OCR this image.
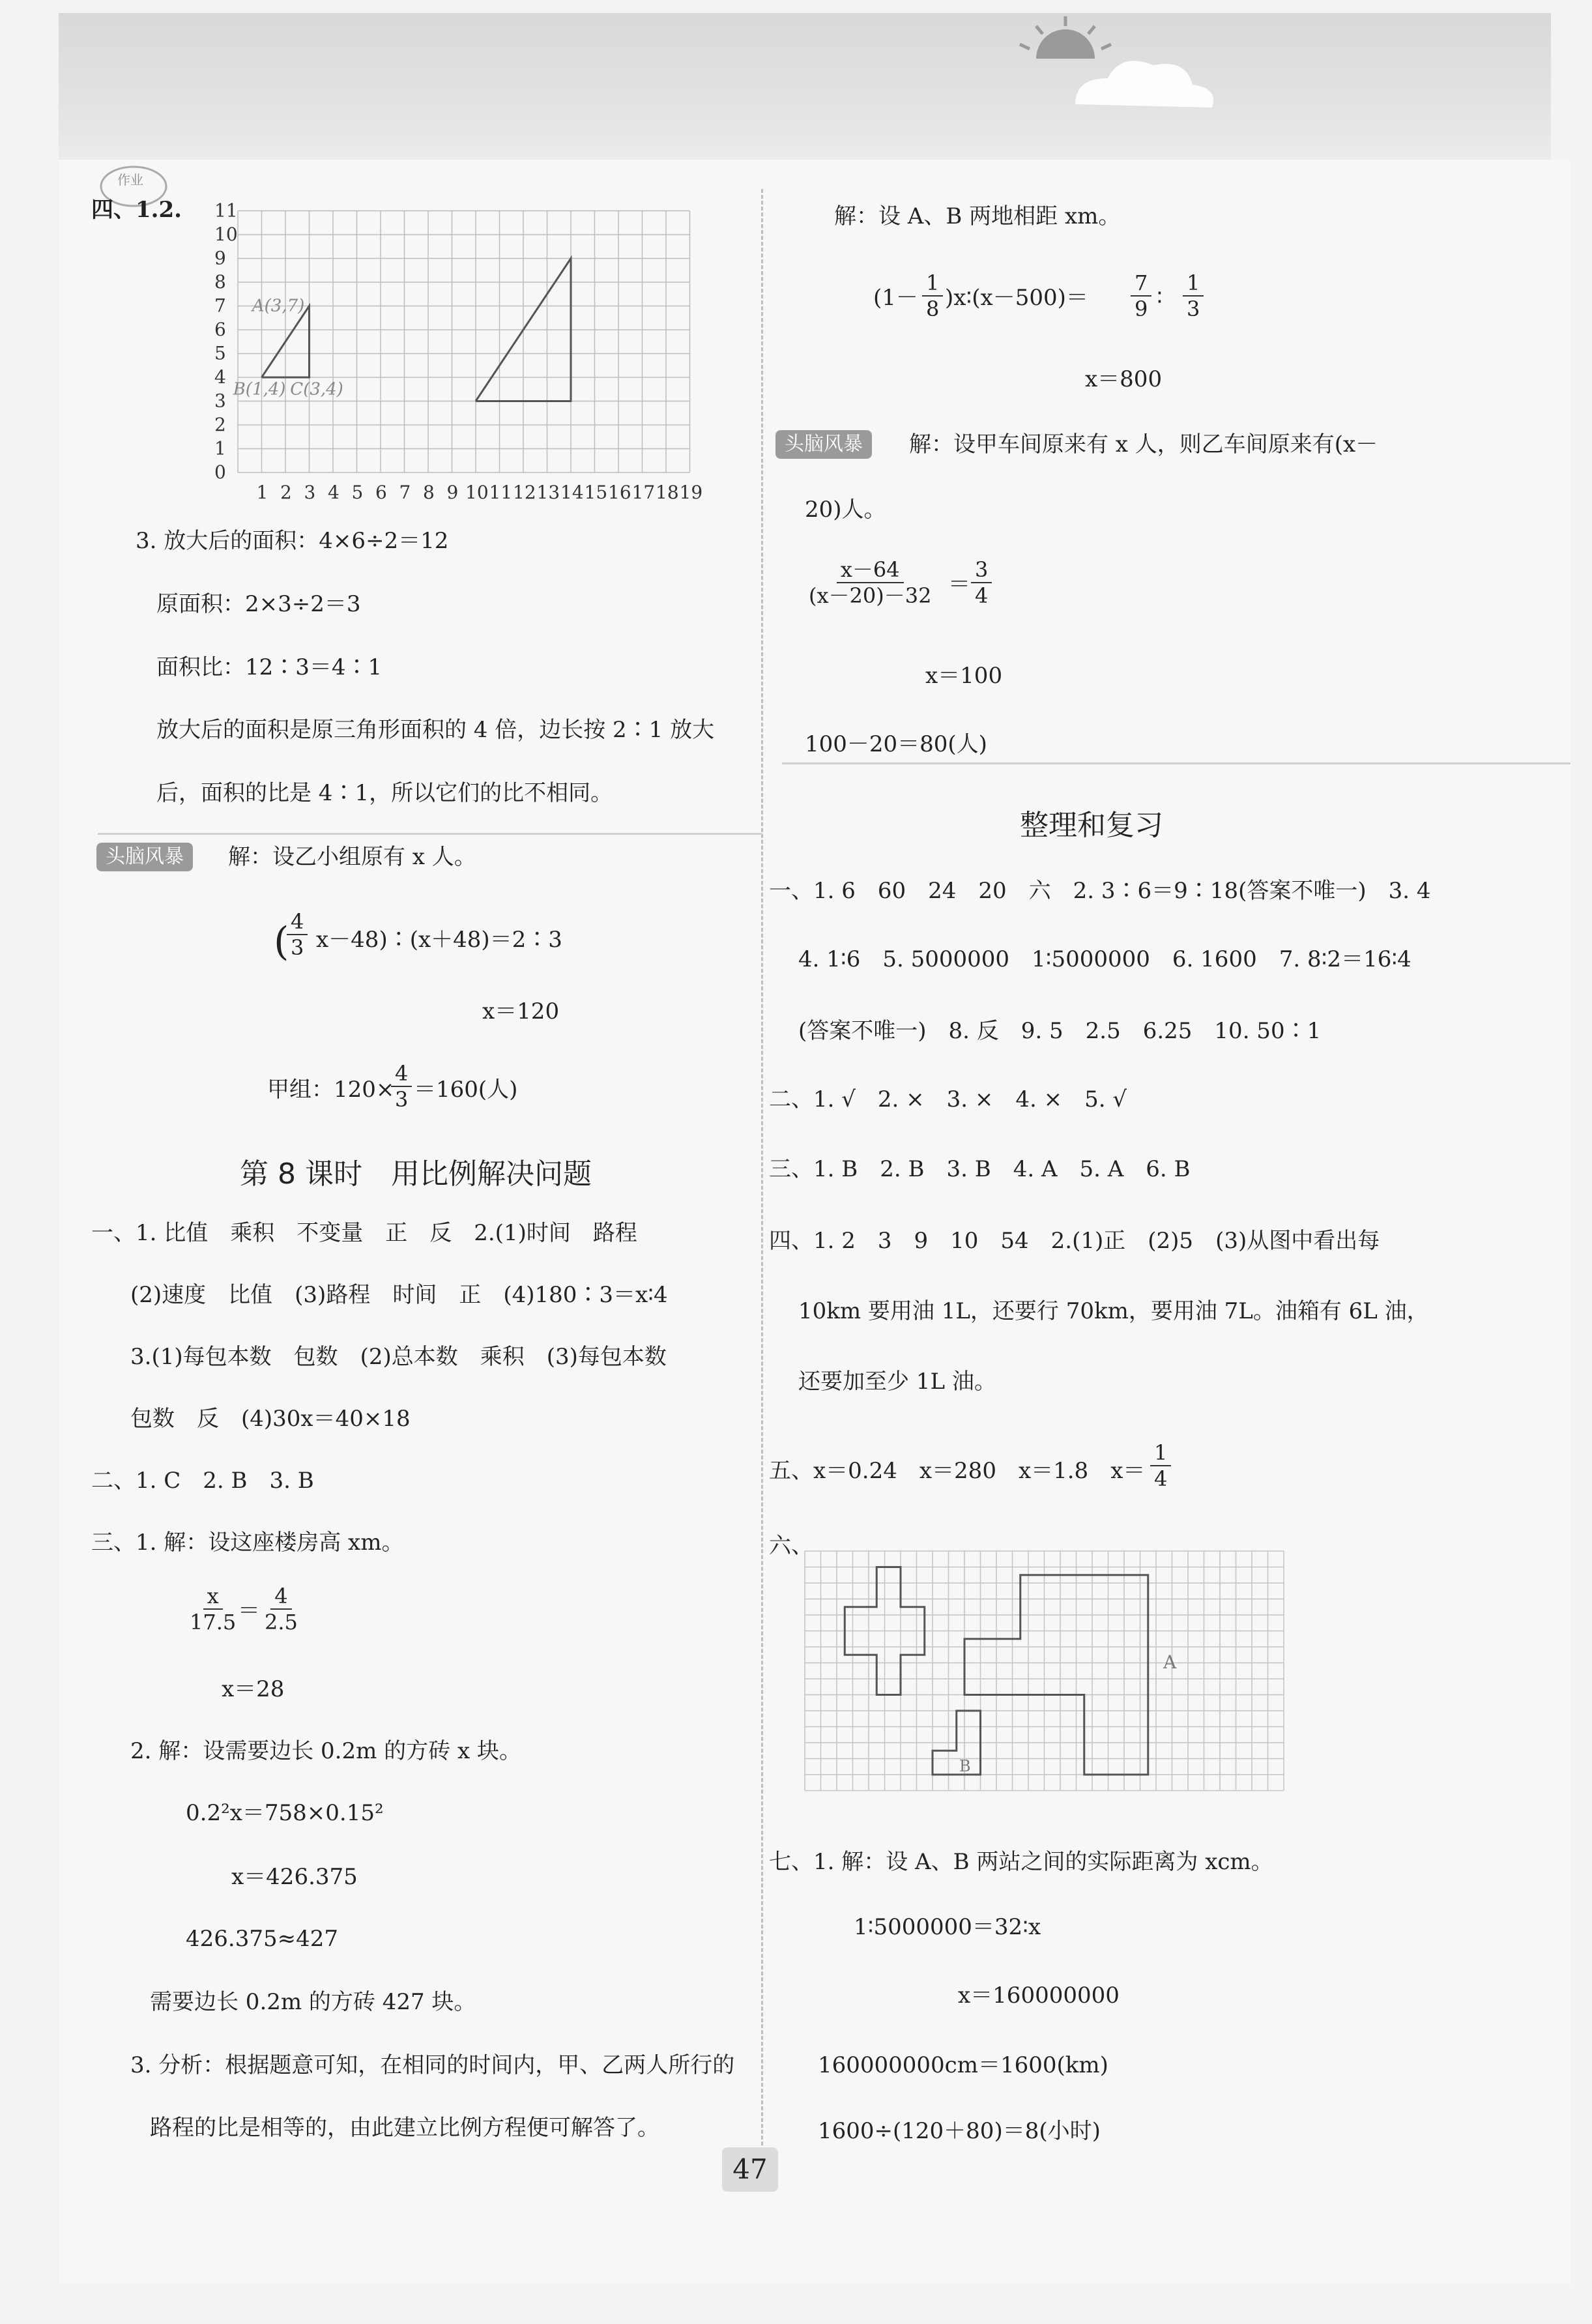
作业
四、1.2.
0
1
2
3
4
5
6
7
8
9
10
11
1 2 3 4 5 6 7 8 9 10 11 12 13 14 15 16 17 18 19
A(3,7)
B(1,4) C(3,4)
3. 放大后的面积：4×6÷2＝12
原面积：2×3÷2＝3
面积比：12∶3＝4∶1
放大后的面积是原三角形面积的 4 倍，边长按 2∶1 放大
后，面积的比是 4∶1，所以它们的比不相同。
头脑风暴	解：设乙小组原有 x 人。
(
$\frac{4}{3}$ x－48)∶(x＋48)＝2∶3
x＝120
甲组：120×
$\frac{4}{3} =160$(人)
第 8 课时　用比例解决问题
一、1. 比值　乘积　不变量　正　反　2.(1)时间　路程
(2)速度　比值　(3)路程　时间　正　(4)180∶3＝x∶4
3.(1)每包本数　包数　(2)总本数　乘积　(3)每包本数
包数　反　(4)30x＝40×18
二、1. C　2. B　3. B
三、1. 解：设这座楼房高 xm。
$\frac{x}{17.5}$
＝ $\frac{4}{2.5}$
x＝28
2. 解：设需要边长 0.2m 的方砖 x 块。
0.2²x＝758×0.15²
x＝426.375
426.375≈427
需要边长 0.2m 的方砖 427 块。
3. 分析：根据题意可知，在相同的时间内，甲、乙两人所行的
路程的比是相等的，由此建立比例方程便可解答了。
解：设 A、B 两地相距 xm。
($1- \frac{1}{8}$ )x∶(x－500)＝ $\frac{7}{9}$ ∶ $\frac{1}{3}$
x＝800
头脑风暴	解：设甲车间原来有 x 人，则乙车间原来有(x－
20)人。
$\frac{x-64}{(x-20)-32} = \frac{3}{4}$
x＝100
100－20＝80(人)
整理和复习
一、1. 6　60　24　20　六　2. 3∶6＝9∶18(答案不唯一)　3. 4
4. 1∶6　5. 5000000　1∶5000000　6. 1600　7. 8∶2＝16∶4
(答案不唯一)　8. 反　9. 5　2.5　6.25　10. 50∶1
二、1. √　2. ×　3. ×　4. ×　5. √
三、1. B　2. B　3. B　4. A　5. A　6. B
四、1. 2　3　9　10　54　2.(1)正　(2)5　(3)从图中看出每
10km 要用油 1L，还要行 70km，要用油 7L。油箱有 6L 油，
还要加至少 1L 油。
五、x＝0.24　x＝280　x＝1.8　$x= \frac{1}{4}$
六、
A
B
七、1. 解：设 A、B 两站之间的实际距离为 xcm。
1∶5000000＝32∶x
x＝160000000
160000000cm＝1600(km)
1600÷(120＋80)＝8(小时)
47
